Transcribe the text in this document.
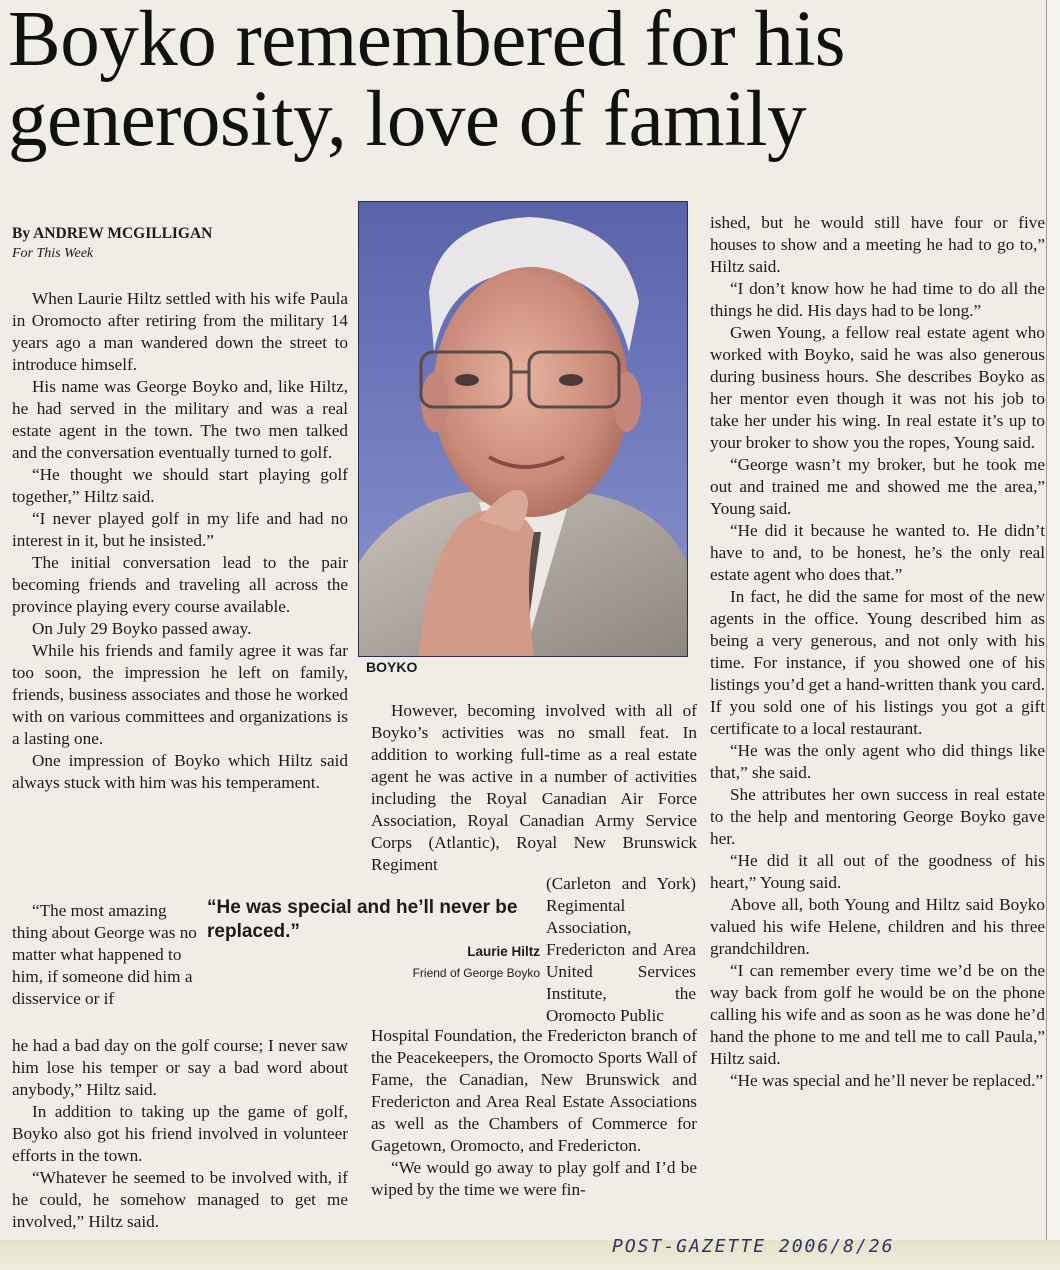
Boyko remembered for his generosity, love of family
By ANDREW MCGILLIGAN
For This Week

When Laurie Hiltz settled with his wife Paula in Oromocto after retiring from the military 14 years ago a man wandered down the street to introduce himself.

His name was George Boyko and, like Hiltz, he had served in the military and was a real estate agent in the town. The two men talked and the conversation eventually turned to golf.

“He thought we should start playing golf together,” Hiltz said.

“I never played golf in my life and had no interest in it, but he insisted.”

The initial conversation lead to the pair becoming friends and traveling all across the province playing every course available.

On July 29 Boyko passed away.

While his friends and family agree it was far too soon, the impression he left on family, friends, business associates and those he worked with on various committees and organizations is a lasting one.

One impression of Boyko which Hiltz said always stuck with him was his temperament.

“The most amazing thing about George was no matter what happened to him, if someone did him a disservice or if

he had a bad day on the golf course; I never saw him lose his temper or say a bad word about anybody,” Hiltz said.

In addition to taking up the game of golf, Boyko also got his friend involved in volunteer efforts in the town.

“Whatever he seemed to be involved with, if he could, he somehow managed to get me involved,” Hiltz said.

BOYKO
“He was special and he’ll never be replaced.”
Laurie Hiltz
Friend of George Boyko

However, becoming involved with all of Boyko’s activities was no small feat. In addition to working full-time as a real estate agent he was active in a number of activities including the Royal Canadian Air Force Association, Royal Canadian Army Service Corps (Atlantic), Royal New Brunswick Regiment

(Carleton and York) Regimental Association, Fredericton and Area United Services Institute, the Oromocto Public

Hospital Foundation, the Fredericton branch of the Peacekeepers, the Oromocto Sports Wall of Fame, the Canadian, New Brunswick and Fredericton and Area Real Estate Associations as well as the Chambers of Commerce for Gagetown, Oromocto, and Fredericton.

“We would go away to play golf and I’d be wiped by the time we were fin-

ished, but he would still have four or five houses to show and a meeting he had to go to,” Hiltz said.

“I don’t know how he had time to do all the things he did. His days had to be long.”

Gwen Young, a fellow real estate agent who worked with Boyko, said he was also generous during business hours. She describes Boyko as her mentor even though it was not his job to take her under his wing. In real estate it’s up to your broker to show you the ropes, Young said.

“George wasn’t my broker, but he took me out and trained me and showed me the area,” Young said.

“He did it because he wanted to. He didn’t have to and, to be honest, he’s the only real estate agent who does that.”

In fact, he did the same for most of the new agents in the office. Young described him as being a very generous, and not only with his time. For instance, if you showed one of his listings you’d get a hand-written thank you card. If you sold one of his listings you got a gift certificate to a local restaurant.

“He was the only agent who did things like that,” she said.

She attributes her own success in real estate to the help and mentoring George Boyko gave her.

“He did it all out of the goodness of his heart,” Young said.

Above all, both Young and Hiltz said Boyko valued his wife Helene, children and his three grandchildren.

“I can remember every time we’d be on the way back from golf he would be on the phone calling his wife and as soon as he was done he’d hand the phone to me and tell me to call Paula,” Hiltz said.

“He was special and he’ll never be replaced.”

POST-GAZETTE 2006/8/26
